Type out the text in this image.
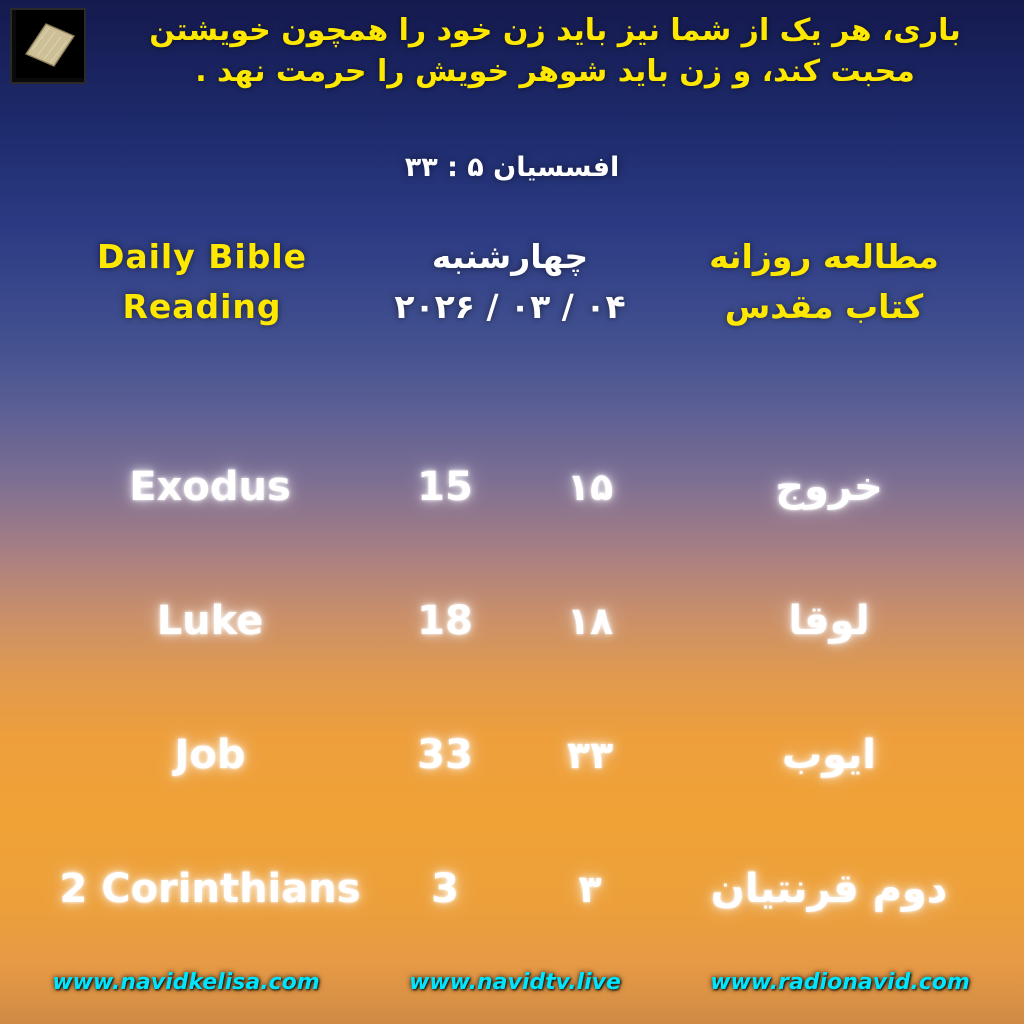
باری، هر یک از شما نیز باید زن خود را همچون خویشتن محبت کند، و زن باید شوهر خویش را حرمت نهد .
افسسیان ۵ : ۳۳
Daily Bible
Reading
چهارشنبه
۰۴ / ۰۳ / ۲۰۲۶
مطالعه روزانه
کتاب مقدس
Exodus	15	۱۵	خروج
Luke	18	۱۸	لوقا
Job	33	۳۳	ایوب
2 Corinthians	3	۳	دوم قرنتیان
www.navidkelisa.com	www.navidtv.live	www.radionavid.com
